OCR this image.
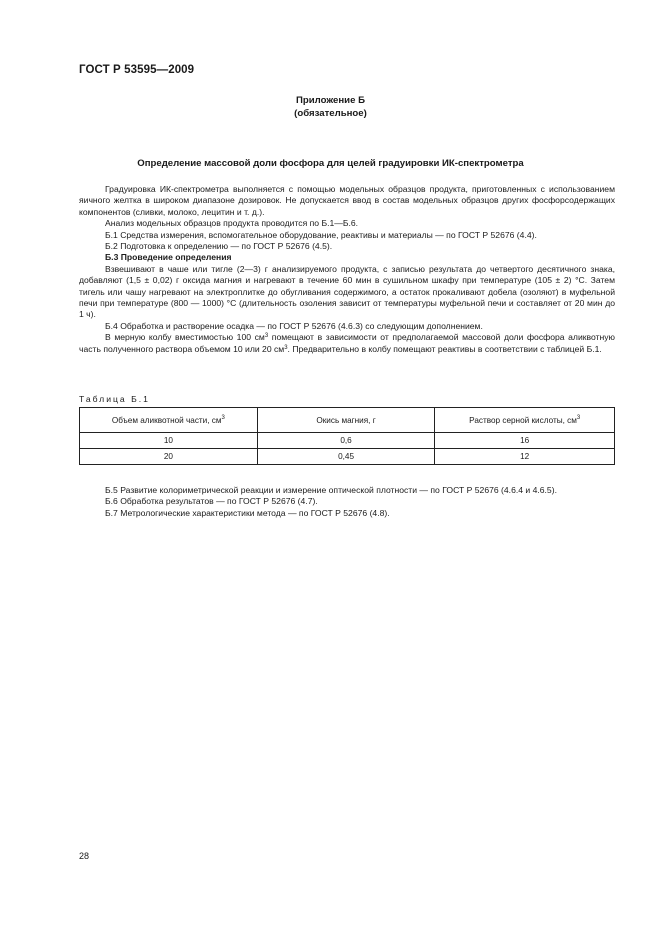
ГОСТ Р 53595—2009
Приложение Б
(обязательное)
Определение массовой доли фосфора для целей градуировки ИК-спектрометра

Градуировка ИК-спектрометра выполняется с помощью модельных образцов продукта, приготовленных с использованием яичного желтка в широком диапазоне дозировок. Не допускается ввод в состав модельных образцов других фосфорсодержащих компонентов (сливки, молоко, лецитин и т. д.).

Анализ модельных образцов продукта проводится по Б.1—Б.6.

Б.1 Средства измерения, вспомогательное оборудование, реактивы и материалы — по ГОСТ Р 52676 (4.4).

Б.2 Подготовка к определению — по ГОСТ Р 52676 (4.5).

Б.3 Проведение определения

Взвешивают в чаше или тигле (2—3) г анализируемого продукта, с записью результата до четвертого десятичного знака, добавляют (1,5 ± 0,02) г оксида магния и нагревают в течение 60 мин в сушильном шкафу при температуре (105 ± 2) °С. Затем тигель или чашу нагревают на электроплитке до обугливания содержимого, а остаток прокаливают добела (озоляют) в муфельной печи при температуре (800 — 1000) °С (длительность озоления зависит от температуры муфельной печи и составляет от 20 мин до 1 ч).

Б.4 Обработка и растворение осадка — по ГОСТ Р 52676 (4.6.3) со следующим дополнением.

В мерную колбу вместимостью 100 $см^3$ помещают в зависимости от предполагаемой массовой доли фосфора аликвотную часть полученного раствора объемом 10 или 20 $см^3$. Предварительно в колбу помещают реактивы в соответствии с таблицей Б.1.

Таблица Б.1
Объем аликвотной части, $см^3$	Окись магния, г	Раствор серной кислоты, $см^3$
10	0,6	16
20	0,45	12

Б.5 Развитие колориметрической реакции и измерение оптической плотности — по ГОСТ Р 52676 (4.6.4 и 4.6.5).

Б.6 Обработка результатов — по ГОСТ Р 52676 (4.7).

Б.7 Метрологические характеристики метода — по ГОСТ Р 52676 (4.8).

28
